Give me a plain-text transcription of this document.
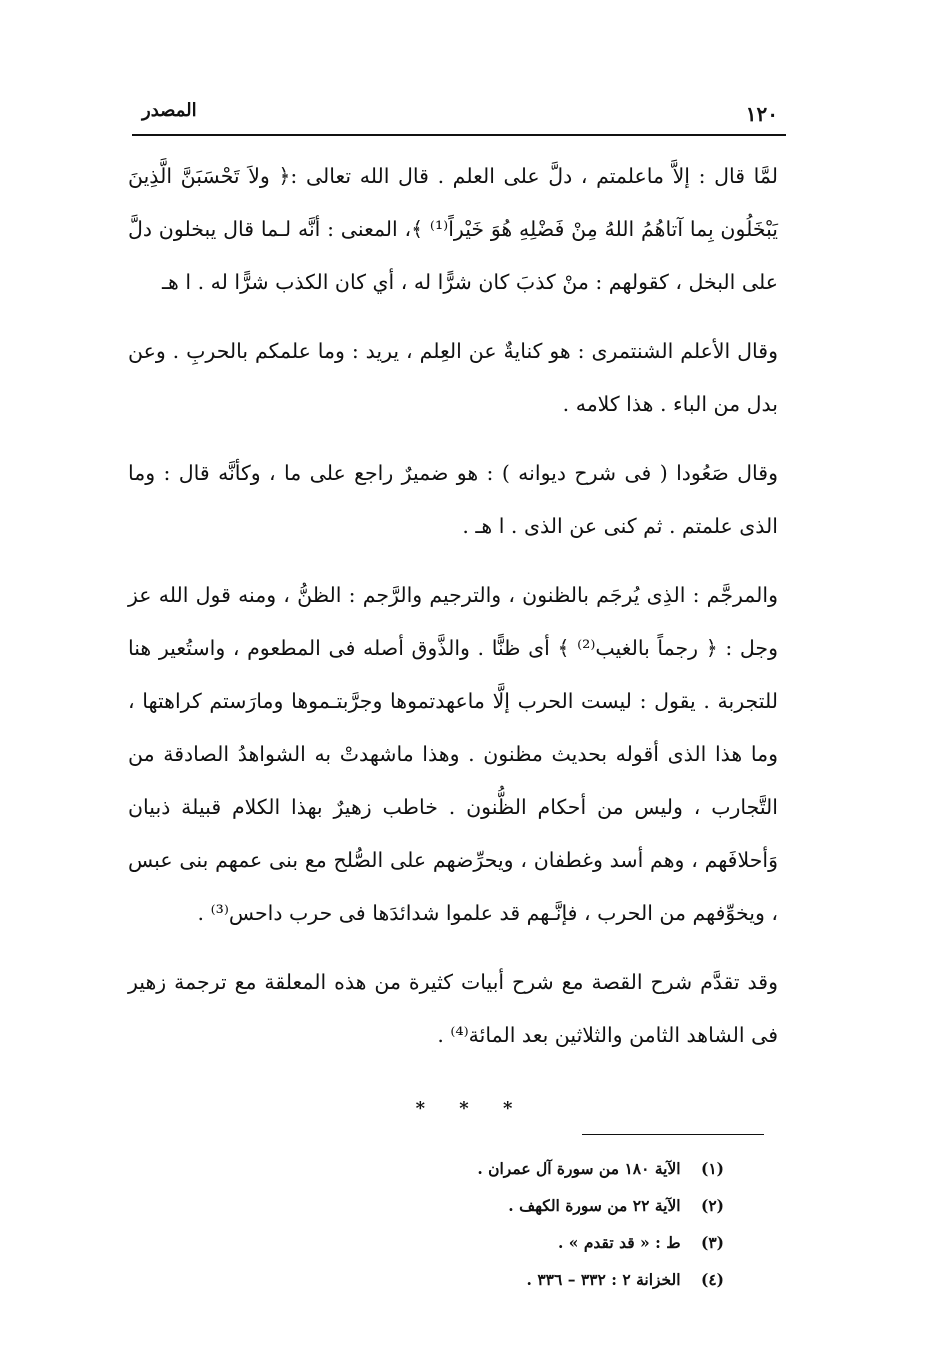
١٢٠
المصدر

لمَّا قال : إلاَّ ماعلمتم ، دلَّ على العلم . قال الله تعالى :﴿ ولاَ تَحْسَبَنَّ الَّذِينَ يَبْخَلُون بِما آتاهُمُ اللهُ مِنْ فَضْلِهِ هُوَ خَيْراً⁽¹⁾ ﴾، المعنى : أنَّه لـما قال يبخلون دلَّ على البخل ، كقولهم : منْ كذبَ كان شرًّا له ، أي كان الكذب شرًّا له . ا هـ

وقال الأعلم الشنتمرى : هو كنايةٌ عن العِلم ، يريد : وما علمكم بالحربِ . وعن بدل من الباء . هذا كلامه .

وقال صَعُودا ( فى شرح ديوانه ) : هو ضميرٌ راجع على ما ، وكأنَّه قال : وما الذى علمتم . ثم كنى عن الذى . ا هـ .

والمرجَّم : الذِى يُرجَم بالظنون ، والترجيم والرَّجم : الظنُّ ، ومنه قول الله عز وجل : ﴿ رجماً بالغيب⁽²⁾ ﴾ أى ظنًّا . والذَّوق أصله فى المطعوم ، واستُعير هنا للتجربة . يقول : ليست الحرب إلَّا ماعهدتموها وجرَّبتـموها ومارَستم كراهتها ، وما هذا الذى أقوله بحديث مظنون . وهذا ماشهدتْ به الشواهدُ الصادقة من التَّجارب ، وليس من أحكام الظُّنون . خاطب زهيرٌ بهذا الكلام قبيلة ذبيان وَأحلافَهم ، وهم أسد وغطفان ، ويحرِّضهم على الصُّلح مع بنى عمهم بنى عبس ، ويخوِّفهم من الحرب ، فإنَّـهم قد علموا شدائدَها فى حرب داحس⁽³⁾ .

وقد تقدَّم شرح القصة مع شرح أبيات كثيرة من هذه المعلقة مع ترجمة زهير فى الشاهد الثامن والثلاثين بعد المائة⁽⁴⁾ .

* * *
(١) الآية ١٨٠ من سورة آل عمران .
(٢) الآية ٢٢ من سورة الكهف .
(٣) ط : « قد تقدم » .
(٤) الخزانة ٢ : ٣٣٢ – ٣٣٦ .
